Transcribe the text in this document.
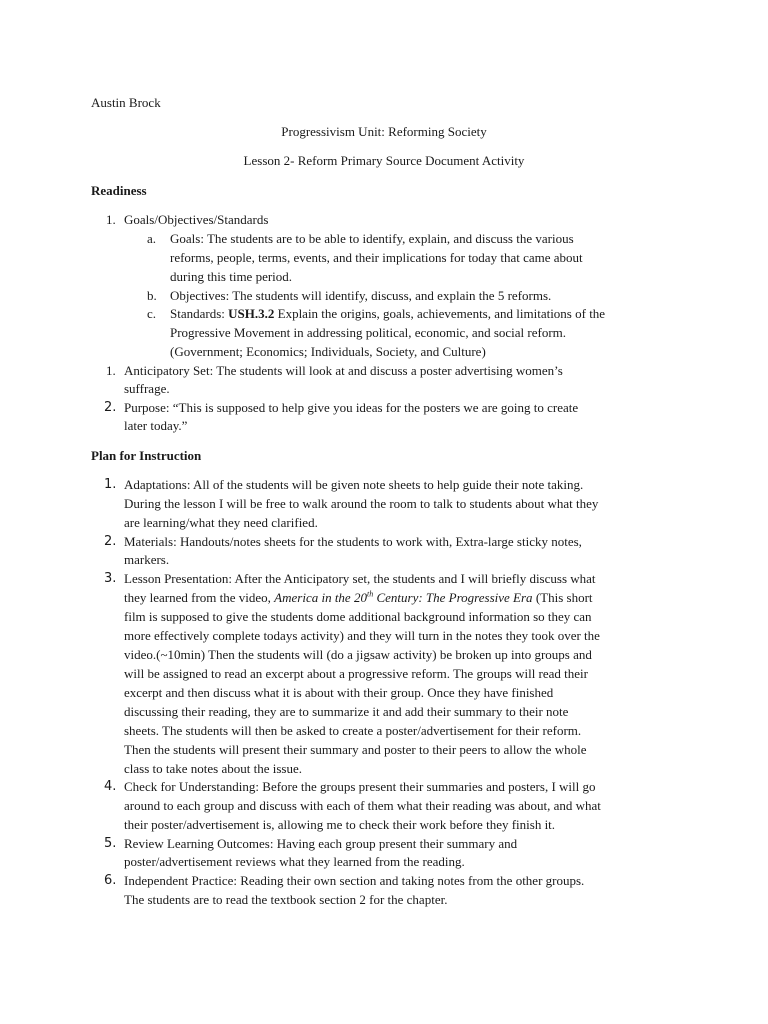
Austin Brock
Progressivism Unit: Reforming Society
Lesson 2- Reform Primary Source Document Activity
Readiness
1. Goals/Objectives/Standards
a. Goals: The students are to be able to identify, explain, and discuss the various
reforms, people, terms, events, and their implications for today that came about
during this time period.
b. Objectives: The students will identify, discuss, and explain the 5 reforms.
c. Standards: USH.3.2 Explain the origins, goals, achievements, and limitations of the
Progressive Movement in addressing political, economic, and social reform.
(Government; Economics; Individuals, Society, and Culture)
1. Anticipatory Set: The students will look at and discuss a poster advertising women’s
suffrage.
2. Purpose: “This is supposed to help give you ideas for the posters we are going to create
later today.”
Plan for Instruction
1. Adaptations: All of the students will be given note sheets to help guide their note taking.
During the lesson I will be free to walk around the room to talk to students about what they
are learning/what they need clarified.
2. Materials: Handouts/notes sheets for the students to work with, Extra-large sticky notes,
markers.
3. Lesson Presentation: After the Anticipatory set, the students and I will briefly discuss what
they learned from the video, America in the 20th Century: The Progressive Era (This short
film is supposed to give the students dome additional background information so they can
more effectively complete todays activity) and they will turn in the notes they took over the
video.(~10min) Then the students will (do a jigsaw activity) be broken up into groups and
will be assigned to read an excerpt about a progressive reform. The groups will read their
excerpt and then discuss what it is about with their group. Once they have finished
discussing their reading, they are to summarize it and add their summary to their note
sheets. The students will then be asked to create a poster/advertisement for their reform.
Then the students will present their summary and poster to their peers to allow the whole
class to take notes about the issue.
4. Check for Understanding: Before the groups present their summaries and posters, I will go
around to each group and discuss with each of them what their reading was about, and what
their poster/advertisement is, allowing me to check their work before they finish it.
5. Review Learning Outcomes: Having each group present their summary and
poster/advertisement reviews what they learned from the reading.
6. Independent Practice: Reading their own section and taking notes from the other groups.
The students are to read the textbook section 2 for the chapter.
